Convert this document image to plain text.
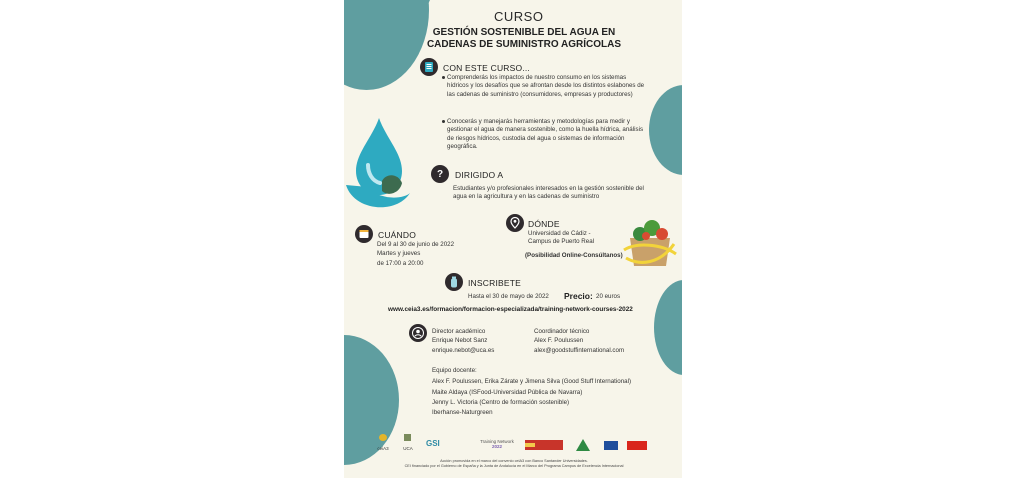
CURSO
GESTIÓN SOSTENIBLE DEL AGUA EN
CADENAS DE SUMINISTRO AGRÍCOLAS
CON ESTE CURSO...
Comprenderás los impactos de nuestro consumo en los sistemas hídricos y los desafíos que se afrontan desde los distintos eslabones de las cadenas de suministro (consumidores, empresas y productores)
Conocerás y manejarás herramientas y metodologías para medir y gestionar el agua de manera sostenible, como la huella hídrica, análisis de riesgos hídricos, custodia del agua o sistemas de información geográfica.
?	DIRIGIDO A
Estudiantes y/o profesionales interesados en la gestión sostenible del agua en la agricultura y en las cadenas de suministro
CUÁNDO
Del 9 al 30 de junio de 2022
Martes y jueves
de 17:00 a 20:00
DÓNDE
Universidad de Cádiz -
Campus de Puerto Real
(Posibilidad Online-Consúltanos)
INSCRIBETE
Hasta el 30 de mayo de 2022 Precio: 20 euros
www.ceia3.es/formacion/formacion-especializada/training-network-courses-2022
Director académico
Enrique Nebot Sanz
enrique.nebot@uca.es
Coordinador técnico
Alex F. Poulussen
alex@goodstuffinternational.com
Equipo docente:
Alex F. Poulussen, Erika Zárate y Jimena Silva (Good Stuff International)
Maite Aldaya (ISFood-Universidad Pública de Navarra)
Jenny L. Victoria (Centro de formación sostenible)
Iberhanse-Naturgreen
ceiA3	UCA
GSI	Training Network
2022
Acción promovida en el marco del convenio ceiA3 con Banco Santander Universidades.
CEI financiado por el Gobierno de España y la Junta de Andalucía en el Marco del Programa Campus de Excelencia Internacional
